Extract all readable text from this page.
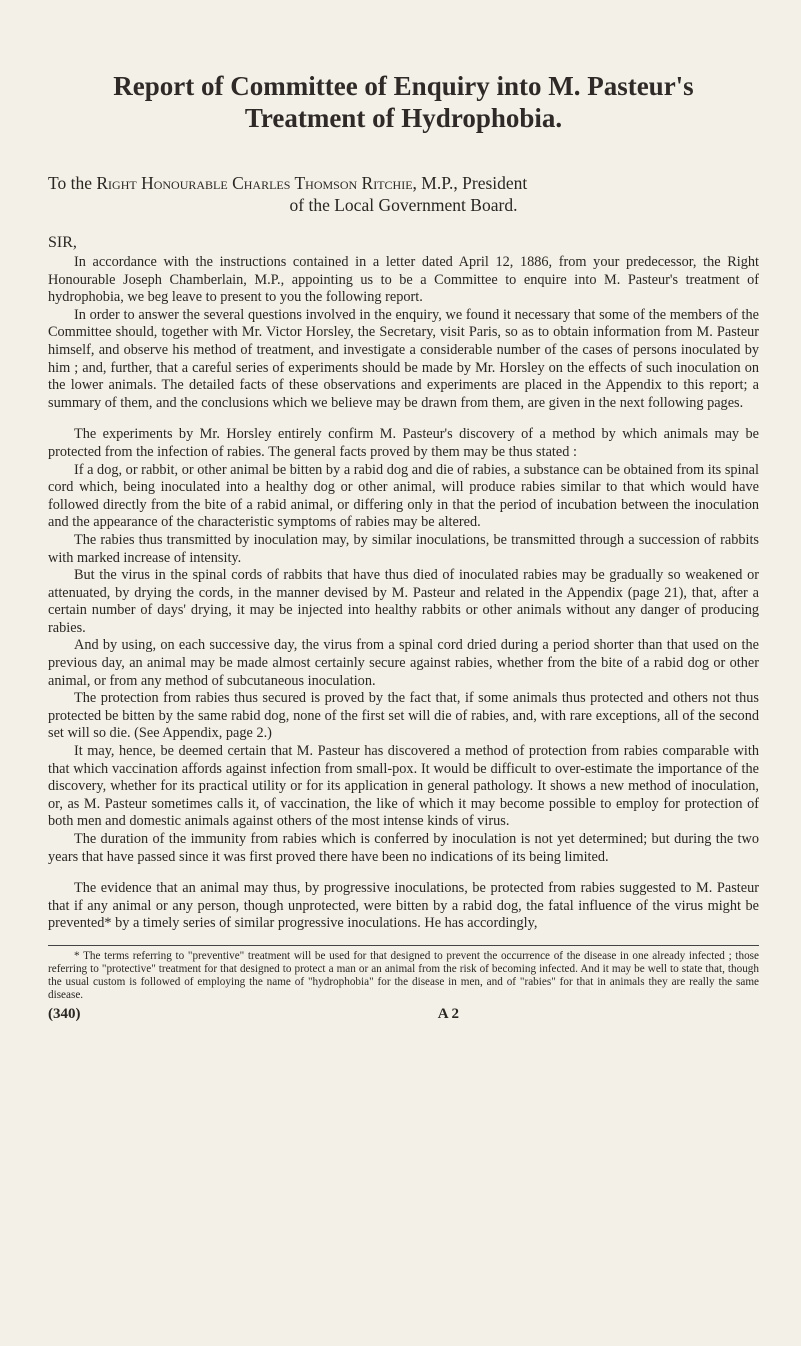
Report of Committee of Enquiry into M. Pasteur's
Treatment of Hydrophobia.
To the Right Honourable Charles Thomson Ritchie, M.P., President
of the Local Government Board.
SIR,

In accordance with the instructions contained in a letter dated April 12, 1886, from your predecessor, the Right Honourable Joseph Chamberlain, M.P., appointing us to be a Committee to enquire into M. Pasteur's treatment of hydrophobia, we beg leave to present to you the following report.

In order to answer the several questions involved in the enquiry, we found it necessary that some of the members of the Committee should, together with Mr. Victor Horsley, the Secretary, visit Paris, so as to obtain information from M. Pasteur himself, and observe his method of treatment, and investigate a considerable number of the cases of persons inoculated by him ; and, further, that a careful series of experiments should be made by Mr. Horsley on the effects of such inoculation on the lower animals. The detailed facts of these observations and experiments are placed in the Appendix to this report; a summary of them, and the conclusions which we believe may be drawn from them, are given in the next following pages.

The experiments by Mr. Horsley entirely confirm M. Pasteur's discovery of a method by which animals may be protected from the infection of rabies. The general facts proved by them may be thus stated :

If a dog, or rabbit, or other animal be bitten by a rabid dog and die of rabies, a substance can be obtained from its spinal cord which, being inoculated into a healthy dog or other animal, will produce rabies similar to that which would have followed directly from the bite of a rabid animal, or differing only in that the period of incubation between the inoculation and the appearance of the characteristic symptoms of rabies may be altered.

The rabies thus transmitted by inoculation may, by similar inoculations, be transmitted through a succession of rabbits with marked increase of intensity.

But the virus in the spinal cords of rabbits that have thus died of inoculated rabies may be gradually so weakened or attenuated, by drying the cords, in the manner devised by M. Pasteur and related in the Appendix (page 21), that, after a certain number of days' drying, it may be injected into healthy rabbits or other animals without any danger of producing rabies.

And by using, on each successive day, the virus from a spinal cord dried during a period shorter than that used on the previous day, an animal may be made almost certainly secure against rabies, whether from the bite of a rabid dog or other animal, or from any method of subcutaneous inoculation.

The protection from rabies thus secured is proved by the fact that, if some animals thus protected and others not thus protected be bitten by the same rabid dog, none of the first set will die of rabies, and, with rare exceptions, all of the second set will so die. (See Appendix, page 2.)

It may, hence, be deemed certain that M. Pasteur has discovered a method of protection from rabies comparable with that which vaccination affords against infection from small-pox. It would be difficult to over-estimate the importance of the discovery, whether for its practical utility or for its application in general pathology. It shows a new method of inoculation, or, as M. Pasteur sometimes calls it, of vaccination, the like of which it may become possible to employ for protection of both men and domestic animals against others of the most intense kinds of virus.

The duration of the immunity from rabies which is conferred by inoculation is not yet determined; but during the two years that have passed since it was first proved there have been no indications of its being limited.

The evidence that an animal may thus, by progressive inoculations, be protected from rabies suggested to M. Pasteur that if any animal or any person, though unprotected, were bitten by a rabid dog, the fatal influence of the virus might be prevented* by a timely series of similar progressive inoculations. He has accordingly,

* The terms referring to "preventive" treatment will be used for that designed to prevent the occurrence of the disease in one already infected ; those referring to "protective" treatment for that designed to protect a man or an animal from the risk of becoming infected. And it may be well to state that, though the usual custom is followed of employing the name of "hydrophobia" for the disease in men, and of "rabies" for that in animals they are really the same disease.

(340)	A 2
